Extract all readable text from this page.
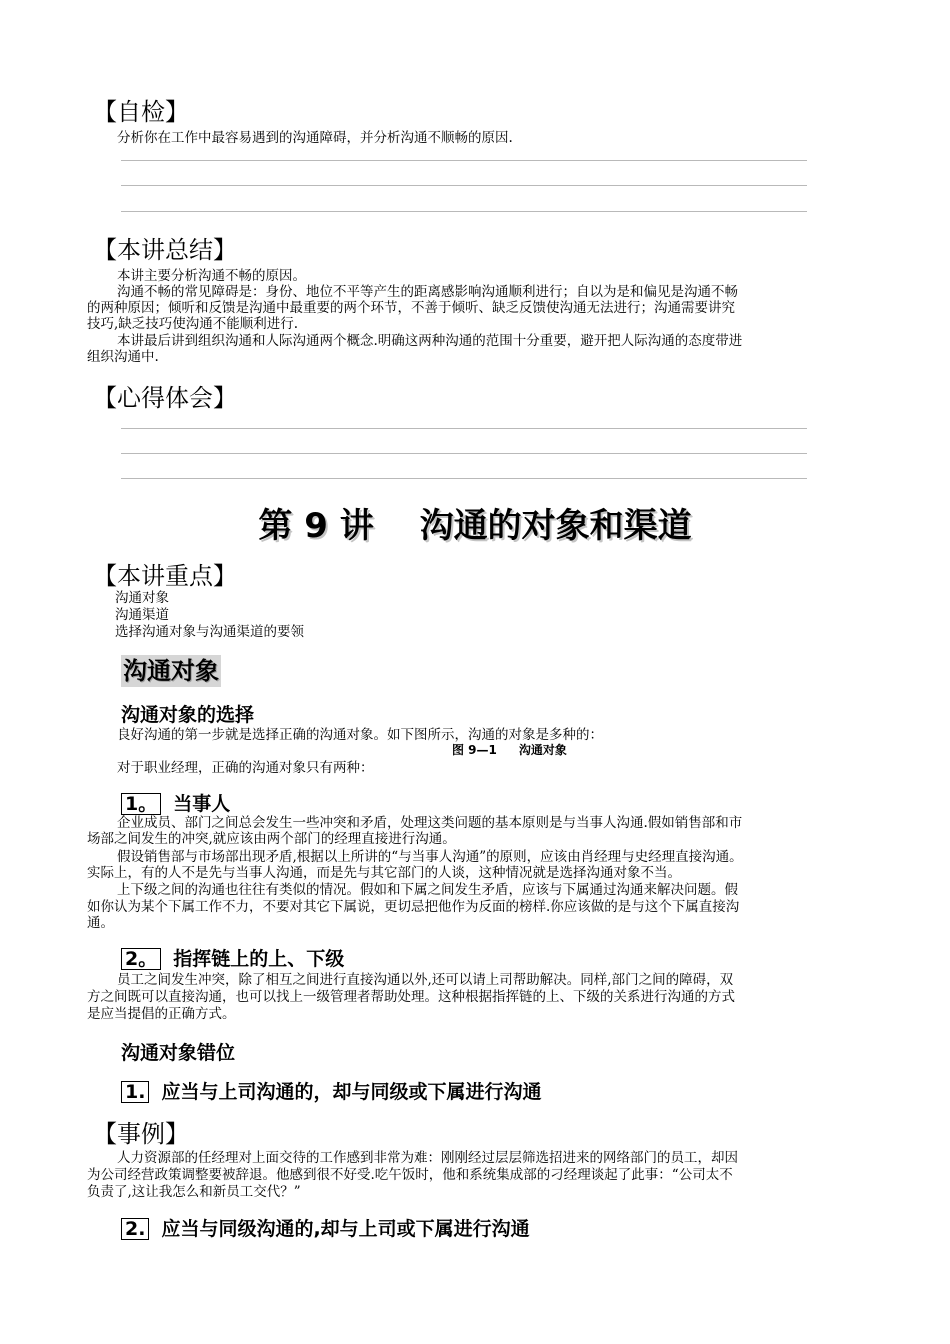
【自检】
分析你在工作中最容易遇到的沟通障碍，并分析沟通不顺畅的原因.
【本讲总结】
本讲主要分析沟通不畅的原因。
沟通不畅的常见障碍是：身份、地位不平等产生的距离感影响沟通顺利进行；自以为是和偏见是沟通不畅
的两种原因；倾听和反馈是沟通中最重要的两个环节，不善于倾听、缺乏反馈使沟通无法进行；沟通需要讲究
技巧,缺乏技巧使沟通不能顺利进行.
本讲最后讲到组织沟通和人际沟通两个概念.明确这两种沟通的范围十分重要，避开把人际沟通的态度带进
组织沟通中.
【心得体会】
第 9 讲　 沟通的对象和渠道
【本讲重点】
沟通对象
沟通渠道
选择沟通对象与沟通渠道的要领
沟通对象
沟通对象的选择
良好沟通的第一步就是选择正确的沟通对象。如下图所示，沟通的对象是多种的：
图 9—1 沟通对象
对于职业经理，正确的沟通对象只有两种：
1。 当事人
企业成员、部门之间总会发生一些冲突和矛盾，处理这类问题的基本原则是与当事人沟通.假如销售部和市
场部之间发生的冲突,就应该由两个部门的经理直接进行沟通。
假设销售部与市场部出现矛盾,根据以上所讲的“与当事人沟通”的原则，应该由肖经理与史经理直接沟通。
实际上，有的人不是先与当事人沟通，而是先与其它部门的人谈，这种情况就是选择沟通对象不当。
上下级之间的沟通也往往有类似的情况。假如和下属之间发生矛盾，应该与下属通过沟通来解决问题。假
如你认为某个下属工作不力，不要对其它下属说，更切忌把他作为反面的榜样.你应该做的是与这个下属直接沟
通。
2。 指挥链上的上、下级
员工之间发生冲突，除了相互之间进行直接沟通以外,还可以请上司帮助解决。同样,部门之间的障碍，双
方之间既可以直接沟通，也可以找上一级管理者帮助处理。这种根据指挥链的上、下级的关系进行沟通的方式
是应当提倡的正确方式。
沟通对象错位
1. 应当与上司沟通的，却与同级或下属进行沟通
【事例】
人力资源部的任经理对上面交待的工作感到非常为难：刚刚经过层层筛选招进来的网络部门的员工，却因
为公司经营政策调整要被辞退。他感到很不好受.吃午饭时，他和系统集成部的刁经理谈起了此事：“公司太不
负责了,这让我怎么和新员工交代？”
2. 应当与同级沟通的,却与上司或下属进行沟通
